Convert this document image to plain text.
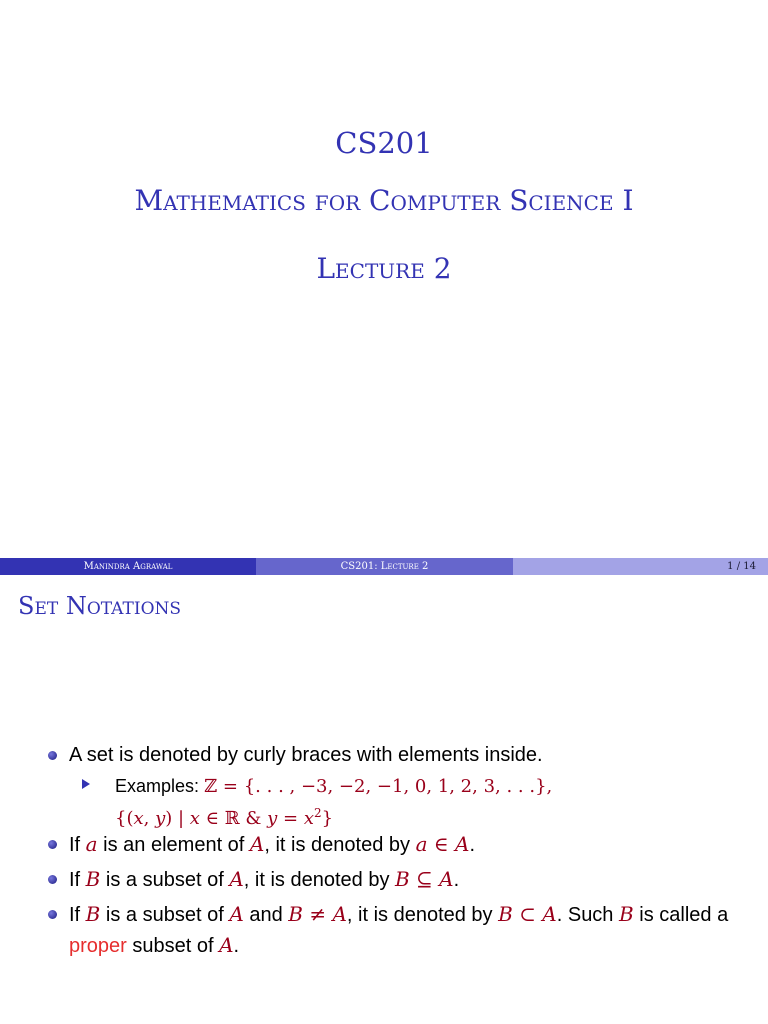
CS201
Mathematics for Computer Science I
Lecture 2
Manindra Agrawal	CS201: Lecture 2	1 / 14
Set Notations
A set is denoted by curly braces with elements inside.
Examples: ℤ = {. . . , −3, −2, −1, 0, 1, 2, 3, . . .},
{(x, y) | x ∈ ℝ & $y = x^2$}
If a is an element of A, it is denoted by a ∈ A.
If B is a subset of A, it is denoted by B ⊆ A.
If B is a subset of A and B ≠ A, it is denoted by B ⊂ A. Such B is called a proper subset of A.
